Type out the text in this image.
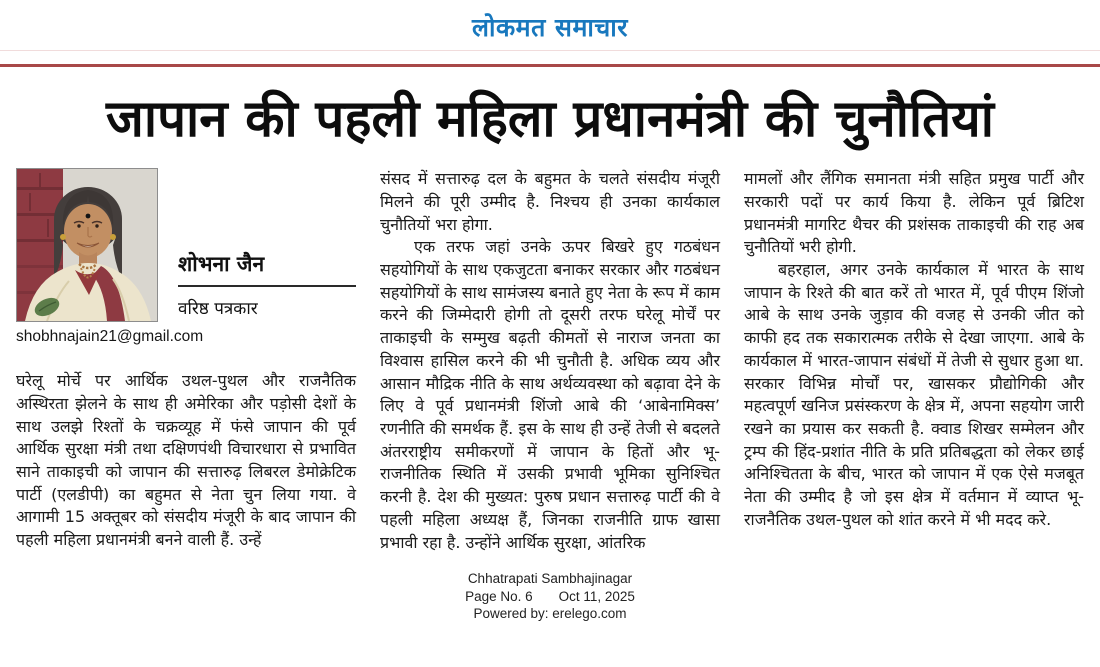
लोकमत समाचार
जापान की पहली महिला प्रधानमंत्री की चुनौतियां
शोभना जैन
वरिष्ठ पत्रकार
shobhnajain21@gmail.com

घरेलू मोर्चे पर आर्थिक उथल-पुथल और राजनैतिक अस्थिरता झेलने के साथ ही अमेरिका और पड़ोसी देशों के साथ उलझे रिश्तों के चक्रव्यूह में फंसे जापान की पूर्व आर्थिक सुरक्षा मंत्री तथा दक्षिणपंथी विचारधारा से प्रभावित साने ताकाइची को जापान की सत्तारुढ़ लिबरल डेमोक्रेटिक पार्टी (एलडीपी) का बहुमत से नेता चुन लिया गया. वे आगामी 15 अक्तूबर को संसदीय मंजूरी के बाद जापान की पहली महिला प्रधानमंत्री बनने वाली हैं. उन्हें

संसद में सत्तारुढ़ दल के बहुमत के चलते संसदीय मंजूरी मिलने की पूरी उम्मीद है. निश्चय ही उनका कार्यकाल चुनौतियों भरा होगा.

एक तरफ जहां उनके ऊपर बिखरे हुए गठबंधन सहयोगियों के साथ एकजुटता बनाकर सरकार और गठबंधन सहयोगियों के साथ सामंजस्य बनाते हुए नेता के रूप में काम करने की जिम्मेदारी होगी तो दूसरी तरफ घरेलू मोर्चें पर ताकाइची के सम्मुख बढ़ती कीमतों से नाराज जनता का विश्वास हासिल करने की भी चुनौती है. अधिक व्यय और आसान मौद्रिक नीति के साथ अर्थव्यवस्था को बढ़ावा देने के लिए वे पूर्व प्रधानमंत्री शिंजो आबे की ‘आबेनामिक्स’ रणनीति की समर्थक हैं. इस के साथ ही उन्हें तेजी से बदलते अंतरराष्ट्रीय समीकरणों में जापान के हितों और भू-राजनीतिक स्थिति में उसकी प्रभावी भूमिका सुनिश्चित करनी है. देश की मुख्यत: पुरुष प्रधान सत्तारुढ़ पार्टी की वे पहली महिला अध्यक्ष हैं, जिनका राजनीति ग्राफ खासा प्रभावी रहा है. उन्होंने आर्थिक सुरक्षा, आंतरिक

मामलों और लैंगिक समानता मंत्री सहित प्रमुख पार्टी और सरकारी पदों पर कार्य किया है. लेकिन पूर्व ब्रिटिश प्रधानमंत्री मागरिट थैचर की प्रशंसक ताकाइची की राह अब चुनौतियों भरी होगी.

बहरहाल, अगर उनके कार्यकाल में भारत के साथ जापान के रिश्ते की बात करें तो भारत में, पूर्व पीएम शिंजो आबे के साथ उनके जुड़ाव की वजह से उनकी जीत को काफी हद तक सकारात्मक तरीके से देखा जाएगा. आबे के कार्यकाल में भारत-जापान संबंधों में तेजी से सुधार हुआ था. सरकार विभिन्न मोर्चों पर, खासकर प्रौद्योगिकी और महत्वपूर्ण खनिज प्रसंस्करण के क्षेत्र में, अपना सहयोग जारी रखने का प्रयास कर सकती है. क्वाड शिखर सम्मेलन और ट्रम्प की हिंद-प्रशांत नीति के प्रति प्रतिबद्धता को लेकर छाई अनिश्चितता के बीच, भारत को जापान में एक ऐसे मजबूत नेता की उम्मीद है जो इस क्षेत्र में वर्तमान में व्याप्त भू-राजनैतिक उथल-पुथल को शांत करने में भी मदद करे.

Chhatrapati Sambhajinagar
Page No. 6 Oct 11, 2025
Powered by: erelego.com
